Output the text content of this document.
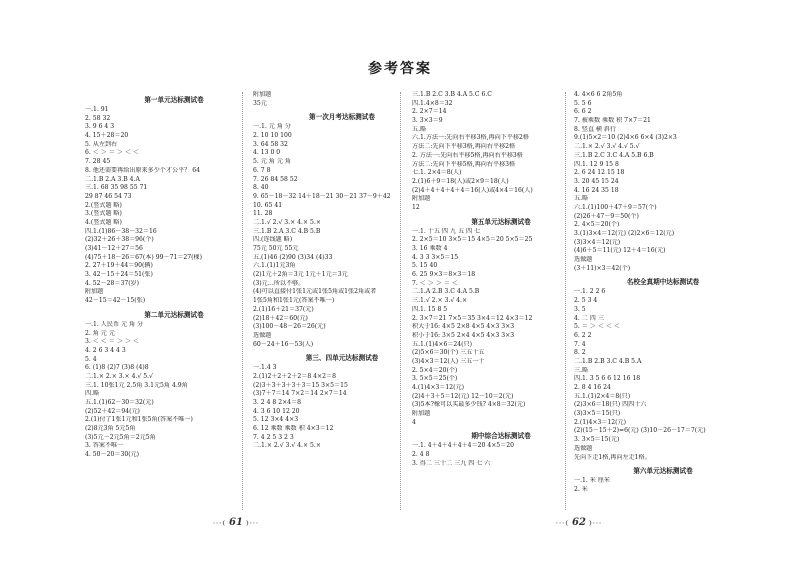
参考答案
第一单元达标测试卷
一.1. 91
2. 58 32
3. 9 6 4 3
4. 15＋28＝20
5. 从左到右
6. ＜ ＞ ＝ ＞ ＜ ＜
7. 28 45
8. 他还需要再给出原来多少个才公平？ 64
二.1.B 2.A 3.B 4.A
三.1. 68 35 98 55 71
29 87 46 54 73
2.(竖式题 略)
3.(竖式题 略)
4.(竖式题 略)
四.1.(1)86－38－32＝16
(2)32＋26＋38＝96(个)
(3)41－12＋27＝56
(4)75＋18－26＝67(本) 99－71＝27(棵)
2. 27＋19＋44＝90(辆)
3. 42－15＋24＝51(张)
4. 52－28＝37(岁)
附加题
42－15＝42－15(张)
第二单元达标测试卷
一.1. 人民币 元 角 分
2. 角 元 元
3. ＜ ＜ ＝ ＞ ＞ ＜
4. 2 6 3 4 4 3
5. 4
6. (1)8 (2)7 (3)8 (4)8
二.1.× 2.× 3.× 4.√ 5.√
三.1. 10张1元 2.5角 3.1元5角 4.9角
四.略
五.1.(1)62－30＝32(元)
(2)52＋42＝94(元)
2.(1)付了1张1元和1张5角(答案不唯一)
(2)8元3角 5元5角
(3)5元－2元5角＝2元5角
3. 答案不唯一
4. 50－20＝30(元)
附加题
35元
第一次月考达标测试卷
一.1. 元 角 分
2. 10 10 100
3. 64 58 32
4. 13 0 0
5. 元 角 元 角
6. 7 8
7. 26 84 58 52
8. 40
9. 65－18－32 14＋18－21 30－21 37－9＋42
10. 65 41
11. 28
二.1.√ 2.√ 3.× 4.× 5.×
三.1.B 2.A 3.C 4.B 5.B
四.(连线题 略)
75元 50元 55元
五.(1)46 (2)90 (3)34 (4)33
六.1.(1)1元3角
(2)1元＋2角＝3元 1元＋1元＝3元
(3)元…所以不够。
(4)可以直接付1张1元或1张5角或1张2角或者
1张5角和1张1元(答案不唯一)
2.(1)16＋21＝37(元)
(2)18＋42＝60(元)
(3)100－48－26＝26(元)
选做题
60－24＋16－53(人)
第三、四单元达标测试卷
一.1.4 3
2.(1)2＋2＋2＋2＝8 4×2＝8
(2)3＋3＋3＋3＋3＝15 3×5＝15
(3)7＋7＝14 7×2＝14 2×7＝14
3. 2 4 8 2×4＝8
4. 3 6 10 12 20
5. 12 3×4 4×3
6. 12 乘数 乘数 积 4×3＝12
7. 4 2 5 3 2 3
二.1.× 2.√ 3.√ 4.× 5.×
三.1.B 2.C 3.B 4.A 5.C 6.C
四.1.4×8＝32
2. 2×7＝14
3. 3×3＝9
五.略
六.1.方法一:先向右平移3格,再向下平移2格
方法二:先向下平移3格,再向右平移2格
2. 方法一:先向右平移5格,再向右平移3格
方法二:先向下平移5格,再向右平移3格
七.1. 2×4＝8(人)
2.(1)6＋9＝18(人)或2×9＝18(人)
(2)4＋4＋4＋4＋4＝16(人)或4×4＝16(人)
附加题
12
第五单元达标测试卷
一.1. 十五 四 九 五 四 七
2. 2×5＝10 3×5＝15 4×5＝20 5×5＝25
3. 16 乘数 4
4. 3 3 3×5＝15
5. 15 40
6. 25 9×3＝8×3＝18
7. ＜ ＞ ＞ ＝ ＜
二.1.A 2.B 3.C 4.A 5.B
三.1.√ 2.× 3.√ 4.×
四.1. 15 8 5
2. 3×7＝21 7×5＝35 3×4＝12 4×3＝12
积大于16: 4×5 2×8 4×5 4×3 3×3
积小于16: 3×5 2×4 4×5 4×3 3×3
五.1.(1)4×6＝24(只)
(2)5×6＝30(个) 三五十五
(3)4×3＝12(人) 三五一十
2. 5×4＝20(个)
3. 5×5＝25(个)
4.(1)4×3＝12(元)
(2)4＋3＋5＝12(元) 12－10＝2(元)
(3)5本?橡可以买最多少钱? 4×8＝32(元)
附加题
4
期中综合达标测试卷
一.1. 4＋4＋4＋4＋4＝20 4×5＝20
2. 4 8
3. 得二 三十二 三九 四 七 六
4. 4×6 6 2角5角
5. 5 6
6. 6 2
7. 被乘数 乘数 积 7×7＝21
8. 竖直 横 斜行
9.(1)5×2＝10 (2)4×6 6×4 (3)2×3
二.1.× 2.√ 3.√ 4.√ 5.√
三.1.B 2.C 3.C 4.A 5.B 6.B
四.1. 12 9 15 8
2. 6 24 12 15 18
3. 20 45 15 24
4. 16 24 35 18
五.略
六.1.(1)100＋47＋9＝57(个)
(2)26＋47－9＝50(个)
2. 4×5＝20(个)
3.(1)3×4＝12(元) (2)2×6＝12(元)
(3)3×4＝12(元)
(4)6＋5＝11(元) 12＋4＝16(元)
选做题
(3＋11)×3＝42(个)
名校全真期中达标测试卷
一.1. 2 2 6
2. 5 3 4
3. 5
4. 二 四 三
5. ＝ ＞ ＜ ＜ ＜
6. 2 2
7. 4
8. 2
二.1.B 2.B 3.C 4.B 5.A
三.略
四.1. 3 5 6 6 12 16 18
2. 8 4 16 24
五.1.(1)2×4＝8(只)
(2)3×6＝18(只) 四四十六
(3)3×5＝15(只)
2.(1)4×3＝12(元)
(2)(15－15＋2)=6(元) (3)10－26－17＝7(元)
3. 3×5＝15(元)
选做题
先向下走1格,再向左走1格。
第六单元达标测试卷
一.1. 米 厘米
2. 米
···( 61 )···	···( 62 )···
